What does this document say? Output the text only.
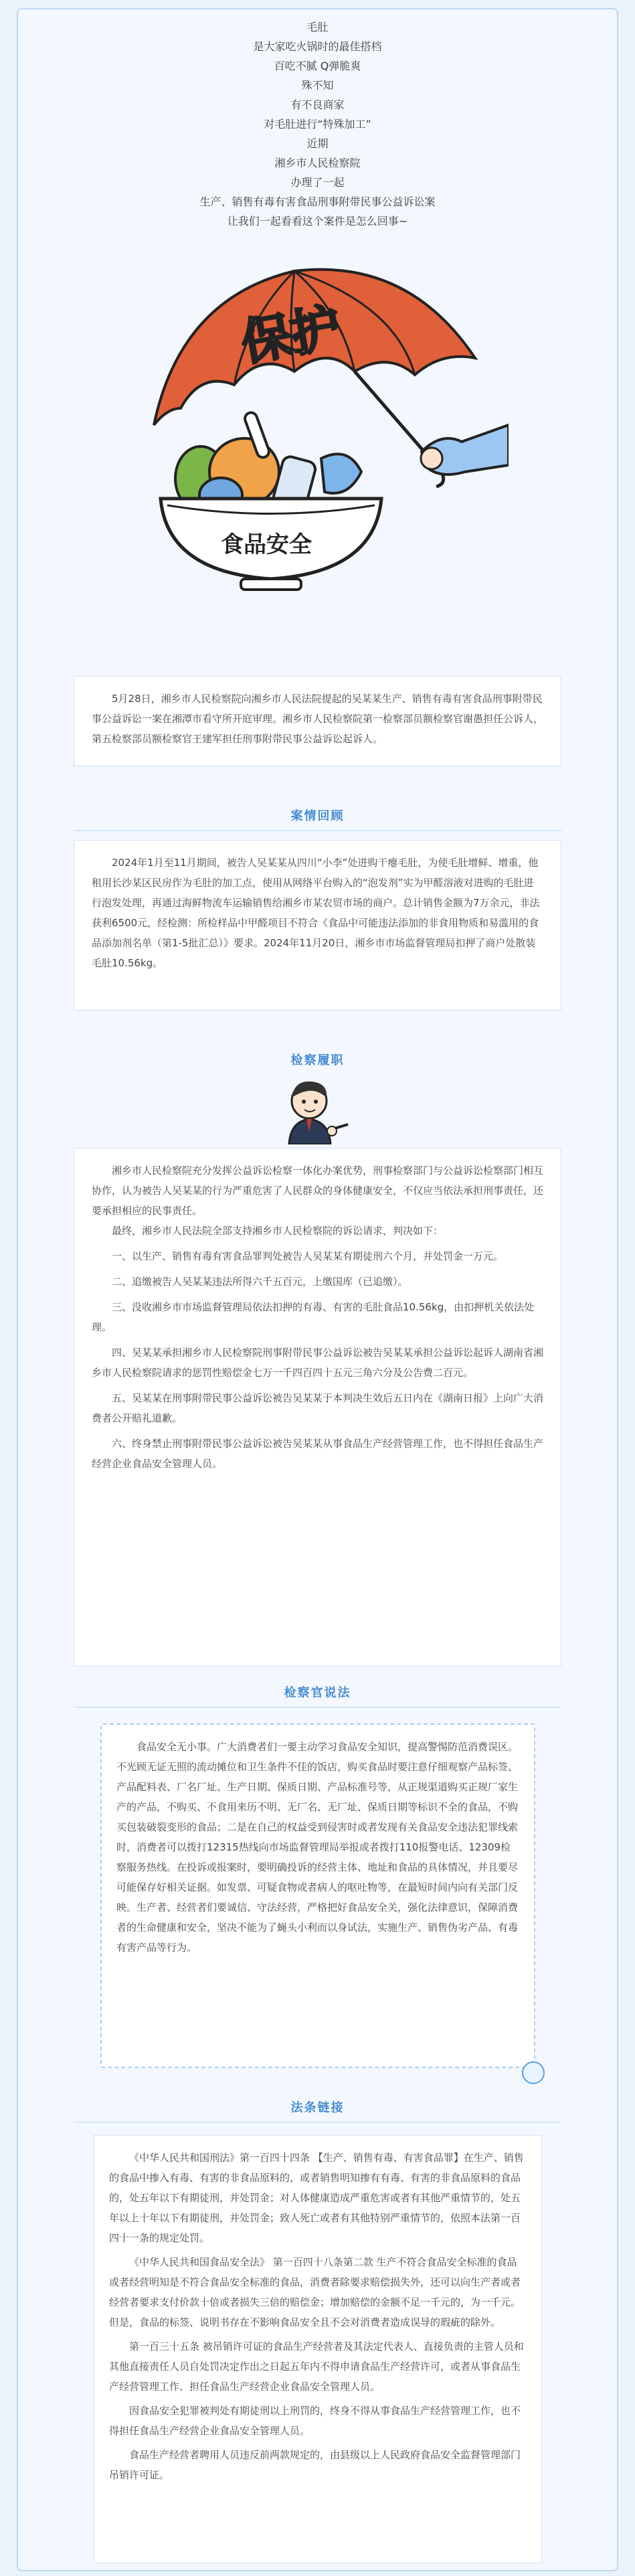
毛肚

是大家吃火锅时的最佳搭档

百吃不腻 Q弹脆爽

殊不知

有不良商家

对毛肚进行“特殊加工”

近期

湘乡市人民检察院

办理了一起

生产、销售有毒有害食品刑事附带民事公益诉讼案

让我们一起看看这个案件是怎么回事~

保护
食品安全

5月28日，湘乡市人民检察院向湘乡市人民法院提起的吴某某生产、销售有毒有害食品刑事附带民事公益诉讼一案在湘潭市看守所开庭审理。湘乡市人民检察院第一检察部员额检察官谢愚担任公诉人，第五检察部员额检察官王建军担任刑事附带民事公益诉讼起诉人。

案情回顾

2024年1月至11月期间，被告人吴某某从四川“小李”处进购干瘪毛肚，为使毛肚增鲜、增重，他租用长沙某区民房作为毛肚的加工点，使用从网络平台购入的“泡发剂”实为甲醛溶液对进购的毛肚进行泡发处理，再通过海鲜物流车运输销售给湘乡市某农贸市场的商户。总计销售金额为7万余元，非法获利6500元，经检测：所检样品中甲醛项目不符合《食品中可能违法添加的非食用物质和易滥用的食品添加剂名单（第1-5批汇总）》要求。2024年11月20日，湘乡市市场监督管理局扣押了商户处散装毛肚10.56kg。

检察履职

湘乡市人民检察院充分发挥公益诉讼检察一体化办案优势，刑事检察部门与公益诉讼检察部门相互协作，认为被告人吴某某的行为严重危害了人民群众的身体健康安全，不仅应当依法承担刑事责任，还要承担相应的民事责任。

最终，湘乡市人民法院全部支持湘乡市人民检察院的诉讼请求，判决如下：

一、以生产、销售有毒有害食品罪判处被告人吴某某有期徒刑六个月，并处罚金一万元。

二、追缴被告人吴某某违法所得六千五百元，上缴国库（已追缴）。

三、没收湘乡市市场监督管理局依法扣押的有毒、有害的毛肚食品10.56kg，由扣押机关依法处理。

四、吴某某承担湘乡市人民检察院刑事附带民事公益诉讼被告吴某某承担公益诉讼起诉人湖南省湘乡市人民检察院请求的惩罚性赔偿金七万一千四百四十五元三角六分及公告费二百元。

五、吴某某在刑事附带民事公益诉讼被告吴某某于本判决生效后五日内在《湖南日报》上向广大消费者公开赔礼道歉。

六、终身禁止刑事附带民事公益诉讼被告吴某某从事食品生产经营管理工作，也不得担任食品生产经营企业食品安全管理人员。

检察官说法

食品安全无小事。广大消费者们一要主动学习食品安全知识，提高警惕防范消费误区。不光顾无证无照的流动摊位和卫生条件不佳的饭店，购买食品时要注意仔细观察产品标签、产品配料表、厂名厂址、生产日期、保质日期、产品标准号等，从正规渠道购买正规厂家生产的产品，不购买、不食用来历不明、无厂名、无厂址、保质日期等标识不全的食品，不购买包装破裂变形的食品；二是在自己的权益受到侵害时或者发现有关食品安全违法犯罪线索时，消费者可以拨打12315热线向市场监督管理局举报或者拨打110报警电话、12309检察服务热线。在投诉或报案时，要明确投诉的经营主体、地址和食品的具体情况，并且要尽可能保存好相关证据。如发票、可疑食物或者病人的呕吐物等，在最短时间内向有关部门反映。生产者、经营者们要诚信、守法经营，严格把好食品安全关，强化法律意识，保障消费者的生命健康和安全，坚决不能为了蝇头小利而以身试法，实施生产、销售伪劣产品、有毒有害产品等行为。

法条链接

《中华人民共和国刑法》第一百四十四条 【生产、销售有毒、有害食品罪】在生产、销售的食品中掺入有毒、有害的非食品原料的，或者销售明知掺有有毒、有害的非食品原料的食品的，处五年以下有期徒刑，并处罚金；对人体健康造成严重危害或者有其他严重情节的，处五年以上十年以下有期徒刑，并处罚金；致人死亡或者有其他特别严重情节的，依照本法第一百四十一条的规定处罚。

《中华人民共和国食品安全法》 第一百四十八条第二款 生产不符合食品安全标准的食品或者经营明知是不符合食品安全标准的食品，消费者除要求赔偿损失外，还可以向生产者或者经营者要求支付价款十倍或者损失三倍的赔偿金；增加赔偿的金额不足一千元的，为一千元。但是，食品的标签、说明书存在不影响食品安全且不会对消费者造成误导的瑕疵的除外。

第一百三十五条 被吊销许可证的食品生产经营者及其法定代表人、直接负责的主管人员和其他直接责任人员自处罚决定作出之日起五年内不得申请食品生产经营许可，或者从事食品生产经营管理工作、担任食品生产经营企业食品安全管理人员。

因食品安全犯罪被判处有期徒刑以上刑罚的，终身不得从事食品生产经营管理工作，也不得担任食品生产经营企业食品安全管理人员。

食品生产经营者聘用人员违反前两款规定的，由县级以上人民政府食品安全监督管理部门吊销许可证。
